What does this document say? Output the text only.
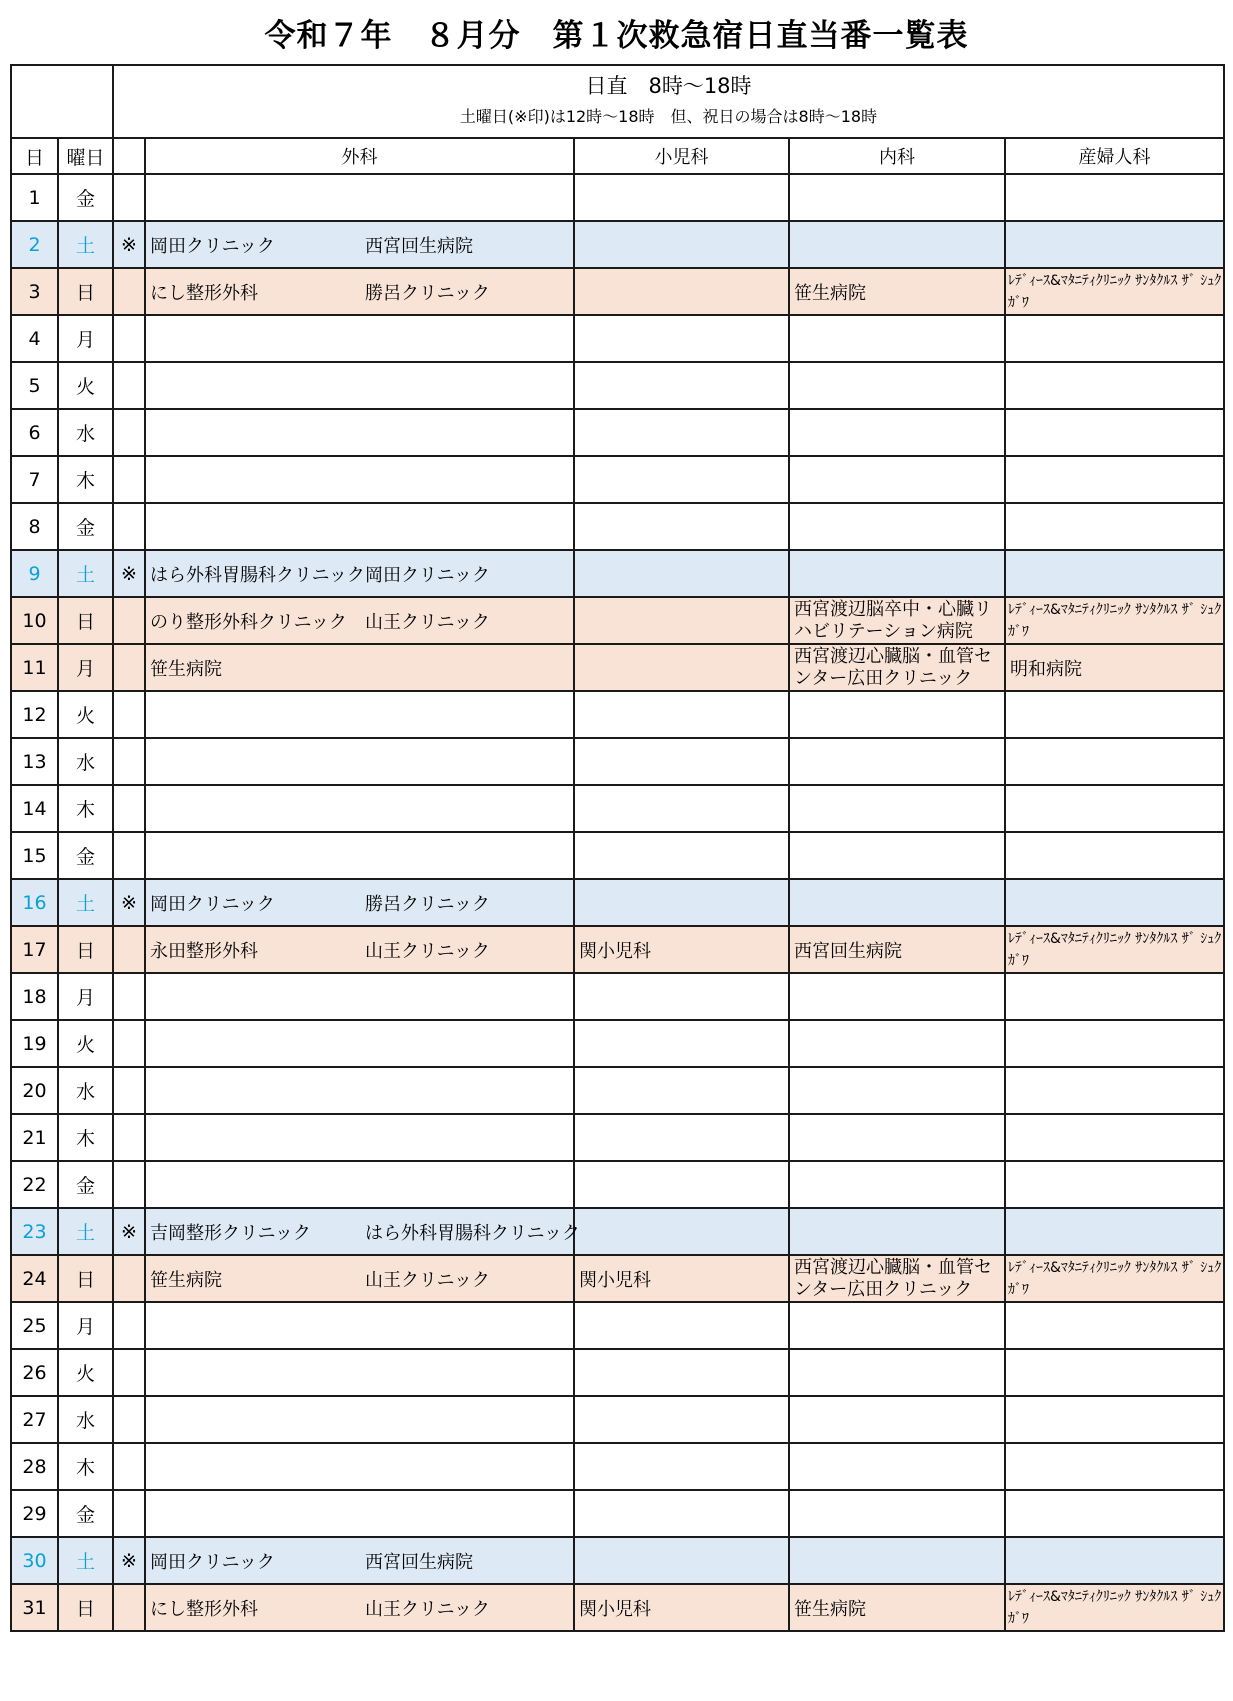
令和７年　８月分　第１次救急宿日直当番一覧表

		日直　8時～18時
土曜日(※印)は12時～18時　但、祝日の場合は8時～18時				

日	曜日		外科	小児科	内科	産婦人科
1	金					
2	土	※	岡田クリニック 西宮回生病院			
3	日		にし整形外科 勝呂クリニック		笹生病院	ﾚﾃﾞｨｰｽ&ﾏﾀﾆﾃｨｸﾘﾆｯｸ ｻﾝﾀｸﾙｽ ｻﾞ ｼｭｸｶﾞﾜ
4	月					
5	火					
6	水					
7	木					
8	金					
9	土	※	はら外科胃腸科クリニック岡田クリニック			
10	日		のり整形外科クリニック 山王クリニック		西宮渡辺脳卒中・心臓リハビリテーション病院	ﾚﾃﾞｨｰｽ&ﾏﾀﾆﾃｨｸﾘﾆｯｸ ｻﾝﾀｸﾙｽ ｻﾞ ｼｭｸｶﾞﾜ
11	月		笹生病院		西宮渡辺心臓脳・血管センター広田クリニック	明和病院
12	火					
13	水					
14	木					
15	金					
16	土	※	岡田クリニック 勝呂クリニック			
17	日		永田整形外科 山王クリニック	関小児科	西宮回生病院	ﾚﾃﾞｨｰｽ&ﾏﾀﾆﾃｨｸﾘﾆｯｸ ｻﾝﾀｸﾙｽ ｻﾞ ｼｭｸｶﾞﾜ
18	月					
19	火					
20	水					
21	木					
22	金					
23	土	※	吉岡整形クリニック はら外科胃腸科クリニック			
24	日		笹生病院 山王クリニック	関小児科	西宮渡辺心臓脳・血管センター広田クリニック	ﾚﾃﾞｨｰｽ&ﾏﾀﾆﾃｨｸﾘﾆｯｸ ｻﾝﾀｸﾙｽ ｻﾞ ｼｭｸｶﾞﾜ
25	月					
26	火					
27	水					
28	木					
29	金					
30	土	※	岡田クリニック 西宮回生病院			
31	日		にし整形外科 山王クリニック	関小児科	笹生病院	ﾚﾃﾞｨｰｽ&ﾏﾀﾆﾃｨｸﾘﾆｯｸ ｻﾝﾀｸﾙｽ ｻﾞ ｼｭｸｶﾞﾜ
